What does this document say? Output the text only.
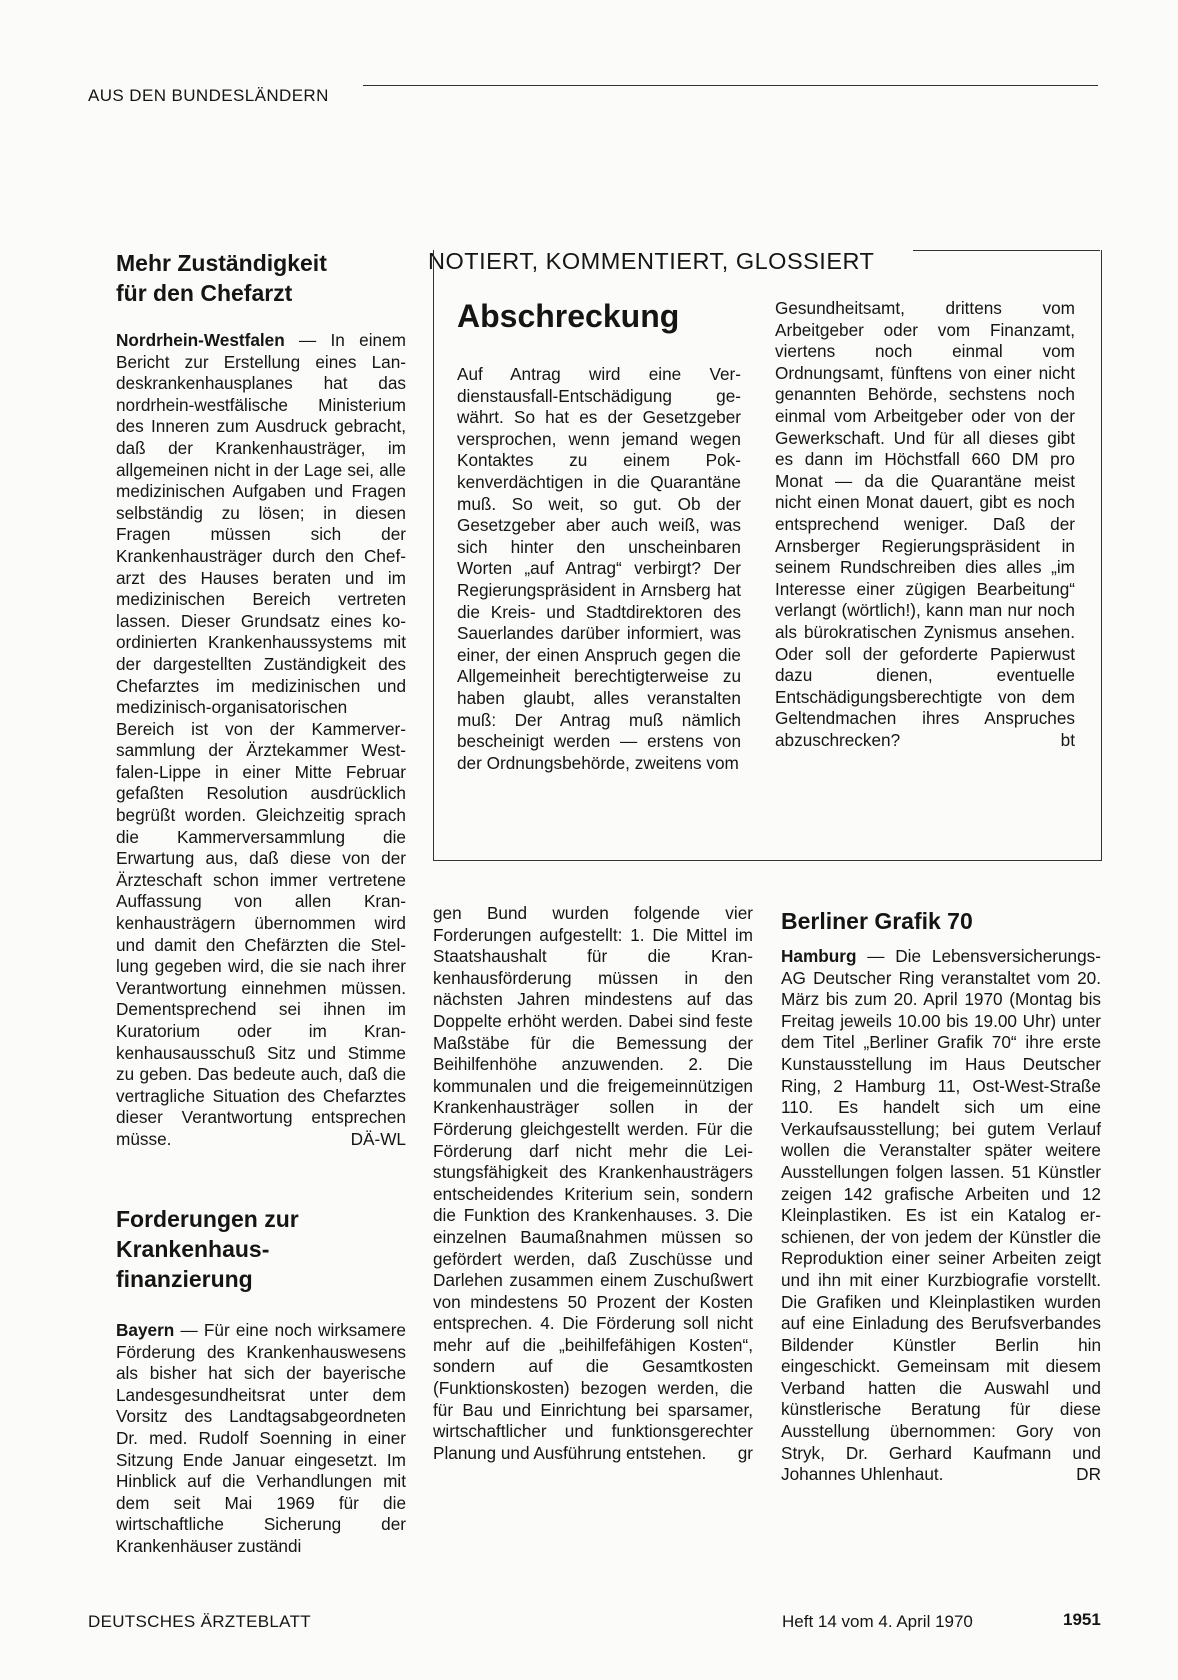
AUS DEN BUNDESLÄNDERN
Mehr Zuständigkeit
für den Chefarzt

Nordrhein-Westfalen — In einem Bericht zur Erstellung eines Landeskrankenhausplanes hat das nordrhein-westfälische Ministerium des Inneren zum Ausdruck gebracht, daß der Krankenhausträger, im allgemeinen nicht in der Lage sei, alle medizinischen Aufgaben und Fragen selbständig zu lösen; in diesen Fragen müssen sich der Krankenhausträger durch den Chefarzt des Hauses beraten und im medizinischen Bereich vertreten lassen. Dieser Grundsatz eines koordinierten Krankenhaussystems mit der dargestellten Zuständigkeit des Chefarztes im medizinischen und medizinisch-organisatorischen Bereich ist von der Kammerversammlung der Ärztekammer Westfalen-Lippe in einer Mitte Februar gefaßten Resolution ausdrücklich begrüßt worden. Gleichzeitig sprach die Kammerversammlung die Erwartung aus, daß diese von der Ärzteschaft schon immer vertretene Auffassung von allen Krankenhausträgern übernommen wird und damit den Chefärzten die Stellung gegeben wird, die sie nach ihrer Verantwortung einnehmen müssen. Dementsprechend sei ihnen im Kuratorium oder im Krankenhausausschuß Sitz und Stimme zu geben. Das bedeute auch, daß die vertragliche Situation des Chefarztes dieser Verantwortung entsprechen müsse.	DÄ-WL

NOTIERT, KOMMENTIERT, GLOSSIERT
Abschreckung

Auf Antrag wird eine Verdienstausfall-Entschädigung gewährt. So hat es der Gesetzgeber versprochen, wenn jemand wegen Kontaktes zu einem Pokkenverdächtigen in die Quarantäne muß. So weit, so gut. Ob der Gesetzgeber aber auch weiß, was sich hinter den unscheinbaren Worten „auf Antrag“ verbirgt? Der Regierungspräsident in Arnsberg hat die Kreis- und Stadtdirektoren des Sauerlandes darüber informiert, was einer, der einen Anspruch gegen die Allgemeinheit berechtigterweise zu haben glaubt, alles veranstalten muß: Der Antrag muß nämlich bescheinigt werden — erstens von der Ordnungsbehörde, zweitens vom

Gesundheitsamt, drittens vom Arbeitgeber oder vom Finanzamt, viertens noch einmal vom Ordnungsamt, fünftens von einer nicht genannten Behörde, sechstens noch einmal vom Arbeitgeber oder von der Gewerkschaft. Und für all dieses gibt es dann im Höchstfall 660 DM pro Monat — da die Quarantäne meist nicht einen Monat dauert, gibt es noch entsprechend weniger. Daß der Arnsberger Regierungspräsident in seinem Rundschreiben dies alles „im Interesse einer zügigen Bearbeitung“ verlangt (wörtlich!), kann man nur noch als bürokratischen Zynismus ansehen. Oder soll der geforderte Papierwust dazu dienen, eventuelle Entschädigungsberechtigte von dem Geltendmachen ihres Anspruches abzuschrecken?	bt

Forderungen zur
Krankenhaus-
finanzierung

Bayern — Für eine noch wirksamere Förderung des Krankenhauswesens als bisher hat sich der bayerische Landesgesundheitsrat unter dem Vorsitz des Landtagsabgeordneten Dr. med. Rudolf Soenning in einer Sitzung Ende Januar eingesetzt. Im Hinblick auf die Verhandlungen mit dem seit Mai 1969 für die wirtschaftliche Sicherung der Krankenhäuser zuständi

gen Bund wurden folgende vier Forderungen aufgestellt: 1. Die Mittel im Staatshaushalt für die Krankenhausförderung müssen in den nächsten Jahren mindestens auf das Doppelte erhöht werden. Dabei sind feste Maßstäbe für die Bemessung der Beihilfenhöhe anzuwenden. 2. Die kommunalen und die freigemeinnützigen Krankenhausträger sollen in der Förderung gleichgestellt werden. Für die Förderung darf nicht mehr die Leistungsfähigkeit des Krankenhausträgers entscheidendes Kriterium sein, sondern die Funktion des Krankenhauses. 3. Die einzelnen Baumaßnahmen müssen so gefördert werden, daß Zuschüsse und Darlehen zusammen einem Zuschußwert von mindestens 50 Prozent der Kosten entsprechen. 4. Die Förderung soll nicht mehr auf die „beihilfefähigen Kosten“, sondern auf die Gesamtkosten (Funktionskosten) bezogen werden, die für Bau und Einrichtung bei sparsamer, wirtschaftlicher und funktionsgerechter Planung und Ausführung entstehen. gr

Berliner Grafik 70

Hamburg — Die Lebensversicherungs-AG Deutscher Ring veranstaltet vom 20. März bis zum 20. April 1970 (Montag bis Freitag jeweils 10.00 bis 19.00 Uhr) unter dem Titel „Berliner Grafik 70“ ihre erste Kunstausstellung im Haus Deutscher Ring, 2 Hamburg 11, Ost-West-Straße 110. Es handelt sich um eine Verkaufsausstellung; bei gutem Verlauf wollen die Veranstalter später weitere Ausstellungen folgen lassen. 51 Künstler zeigen 142 grafische Arbeiten und 12 Kleinplastiken. Es ist ein Katalog erschienen, der von jedem der Künstler die Reproduktion einer seiner Arbeiten zeigt und ihn mit einer Kurzbiografie vorstellt. Die Grafiken und Kleinplastiken wurden auf eine Einladung des Berufsverbandes Bildender Künstler Berlin hin eingeschickt. Gemeinsam mit diesem Verband hatten die Auswahl und künstlerische Beratung für diese Ausstellung übernommen: Gory von Stryk, Dr. Gerhard Kaufmann und Johannes Uhlenhaut.	DR

DEUTSCHES ÄRZTEBLATT	Heft 14 vom 4. April 1970	1951
